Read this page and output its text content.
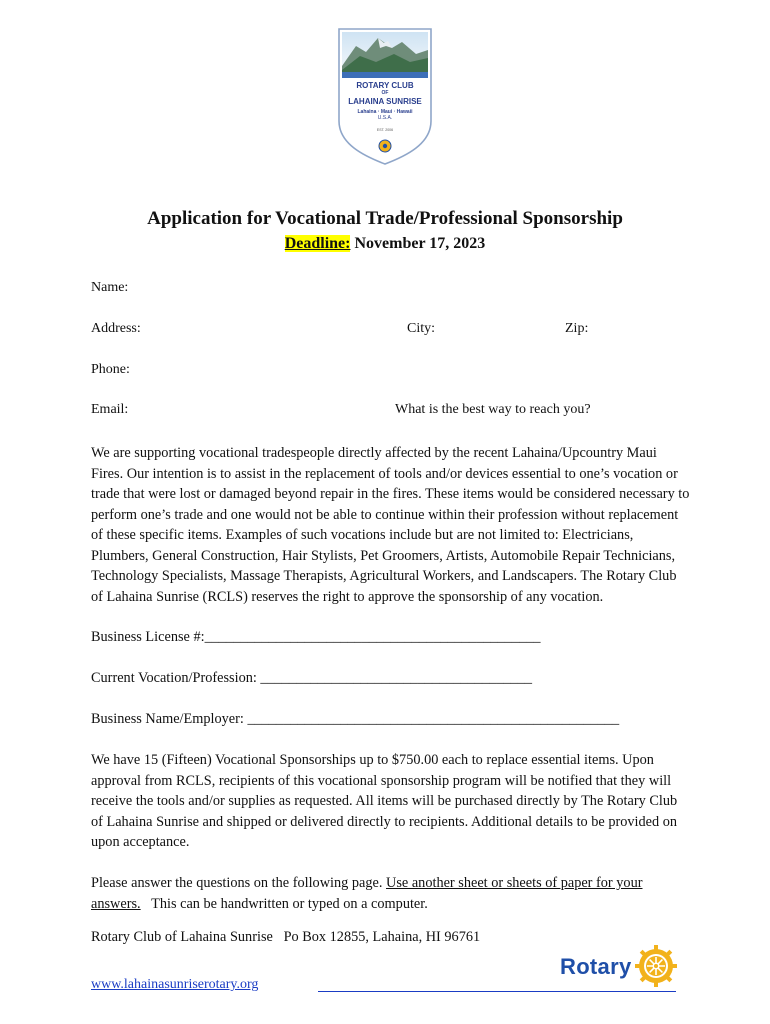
ROTARY CLUB
OF
LAHAINA SUNRISE
Lahaina · Maui · Hawaii
U.S.A.
EST. 2006
Application for Vocational Trade/Professional Sponsorship
Deadline: November 17, 2023
Name:
Address:	City:	Zip:
Phone:
Email:	What is the best way to reach you?
We are supporting vocational tradespeople directly affected by the recent Lahaina/Upcountry Maui Fires. Our intention is to assist in the replacement of tools and/or devices essential to one’s vocation or trade that were lost or damaged beyond repair in the fires. These items would be considered necessary to perform one’s trade and one would not be able to continue within their profession without replacement of these specific items. Examples of such vocations include but are not limited to: Electricians, Plumbers, General Construction, Hair Stylists, Pet Groomers, Artists, Automobile Repair Technicians, Technology Specialists, Massage Therapists, Agricultural Workers, and Landscapers. The Rotary Club of Lahaina Sunrise (RCLS) reserves the right to approve the sponsorship of any vocation.
Business License #:_______________________________________________
Current Vocation/Profession: ______________________________________
Business Name/Employer: ____________________________________________________
We have 15 (Fifteen) Vocational Sponsorships up to $750.00 each to replace essential items. Upon approval from RCLS, recipients of this vocational sponsorship program will be notified that they will receive the tools and/or supplies as requested. All items will be purchased directly by The Rotary Club of Lahaina Sunrise and shipped or delivered directly to recipients. Additional details to be provided on upon acceptance.
Please answer the questions on the following page. Use another sheet or sheets of paper for your answers.   This can be handwritten or typed on a computer.
Rotary Club of Lahaina Sunrise   Po Box 12855, Lahaina, HI 96761
Rotary
www.lahainasunriserotary.org
